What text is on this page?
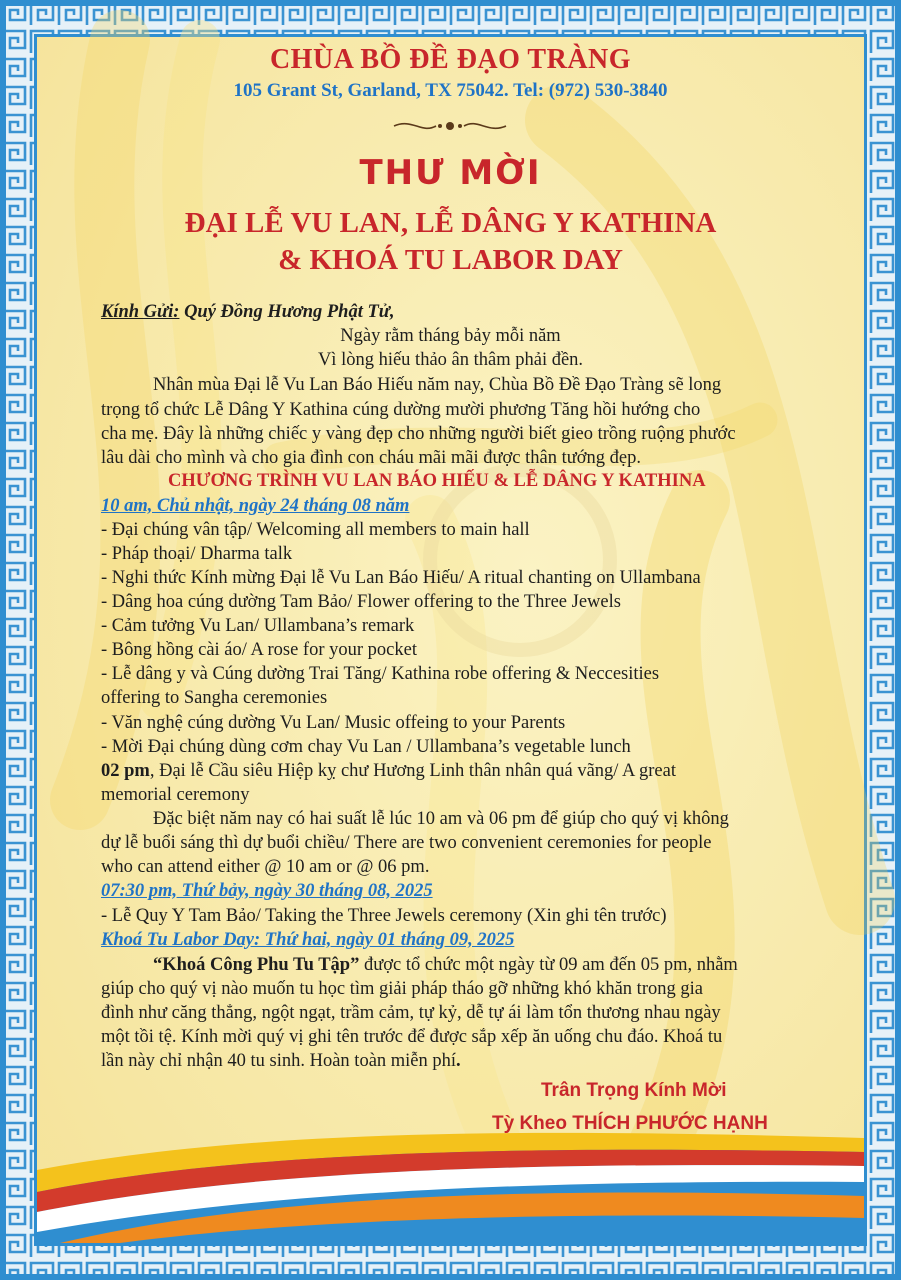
CHÙA BỒ ĐỀ ĐẠO TRÀNG
105 Grant St, Garland, TX 75042. Tel: (972) 530-3840
THƯ MỜI
ĐẠI LỄ VU LAN, LỄ DÂNG Y KATHINA
& KHOÁ TU LABOR DAY
Kính Gửi: Quý Đồng Hương Phật Tử,
Ngày rằm tháng bảy mỗi năm
Vì lòng hiếu thảo ân thâm phải đền.
Nhân mùa Đại lễ Vu Lan Báo Hiếu năm nay, Chùa Bồ Đề Đạo Tràng sẽ long
trọng tổ chức Lễ Dâng Y Kathina cúng dường mười phương Tăng hồi hướng cho
cha mẹ. Đây là những chiếc y vàng đẹp cho những người biết gieo trồng ruộng phước
lâu dài cho mình và cho gia đình con cháu mãi mãi được thân tướng đẹp.
CHƯƠNG TRÌNH VU LAN BÁO HIẾU & LỄ DÂNG Y KATHINA
10 am, Chủ nhật, ngày 24 tháng 08 năm
- Đại chúng vân tập/ Welcoming all members to main hall
- Pháp thoại/ Dharma talk
- Nghi thức Kính mừng Đại lễ Vu Lan Báo Hiếu/ A ritual chanting on Ullambana
- Dâng hoa cúng dường Tam Bảo/ Flower offering to the Three Jewels
- Cảm tưởng Vu Lan/ Ullambana’s remark
- Bông hồng cài áo/ A rose for your pocket
- Lễ dâng y và Cúng dường Trai Tăng/ Kathina robe offering & Neccesities
offering to Sangha ceremonies
- Văn nghệ cúng dường Vu Lan/ Music offeing to your Parents
- Mời Đại chúng dùng cơm chay Vu Lan / Ullambana’s vegetable lunch
02 pm, Đại lễ Cầu siêu Hiệp kỵ chư Hương Linh thân nhân quá vãng/ A great
memorial ceremony
Đặc biệt năm nay có hai suất lễ lúc 10 am và 06 pm để giúp cho quý vị không
dự lễ buổi sáng thì dự buổi chiều/ There are two convenient ceremonies for people
who can attend either @ 10 am or @ 06 pm.
07:30 pm, Thứ bảy, ngày 30 tháng 08, 2025
- Lễ Quy Y Tam Bảo/ Taking the Three Jewels ceremony (Xin ghi tên trước)
Khoá Tu Labor Day: Thứ hai, ngày 01 tháng 09, 2025
“Khoá Công Phu Tu Tập” được tổ chức một ngày từ 09 am đến 05 pm, nhằm
giúp cho quý vị nào muốn tu học tìm giải pháp tháo gỡ những khó khăn trong gia
đình như căng thẳng, ngột ngạt, trầm cảm, tự kỷ, dễ tự ái làm tổn thương nhau ngày
một tồi tệ. Kính mời quý vị ghi tên trước để được sắp xếp ăn uống chu đáo. Khoá tu
lần này chỉ nhận 40 tu sinh. Hoàn toàn miễn phí.
Trân Trọng Kính Mời
Tỳ Kheo THÍCH PHƯỚC HẠNH
